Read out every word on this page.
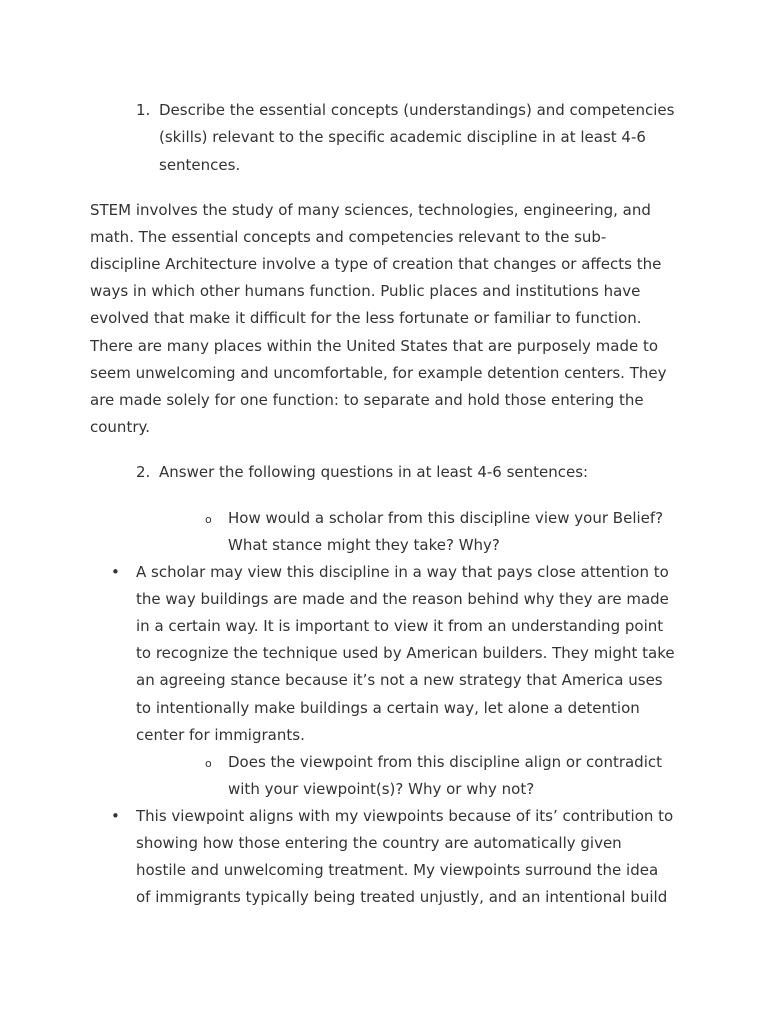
1. Describe the essential concepts (understandings) and competencies
(skills) relevant to the specific academic discipline in at least 4-6
sentences.
STEM involves the study of many sciences, technologies, engineering, and
math. The essential concepts and competencies relevant to the sub-
discipline Architecture involve a type of creation that changes or affects the
ways in which other humans function. Public places and institutions have
evolved that make it difficult for the less fortunate or familiar to function.
There are many places within the United States that are purposely made to
seem unwelcoming and uncomfortable, for example detention centers. They
are made solely for one function: to separate and hold those entering the
country.
2. Answer the following questions in at least 4-6 sentences:
o How would a scholar from this discipline view your Belief?
What stance might they take? Why?
• A scholar may view this discipline in a way that pays close attention to
the way buildings are made and the reason behind why they are made
in a certain way. It is important to view it from an understanding point
to recognize the technique used by American builders. They might take
an agreeing stance because it’s not a new strategy that America uses
to intentionally make buildings a certain way, let alone a detention
center for immigrants.
o Does the viewpoint from this discipline align or contradict
with your viewpoint(s)? Why or why not?
• This viewpoint aligns with my viewpoints because of its’ contribution to
showing how those entering the country are automatically given
hostile and unwelcoming treatment. My viewpoints surround the idea
of immigrants typically being treated unjustly, and an intentional build
